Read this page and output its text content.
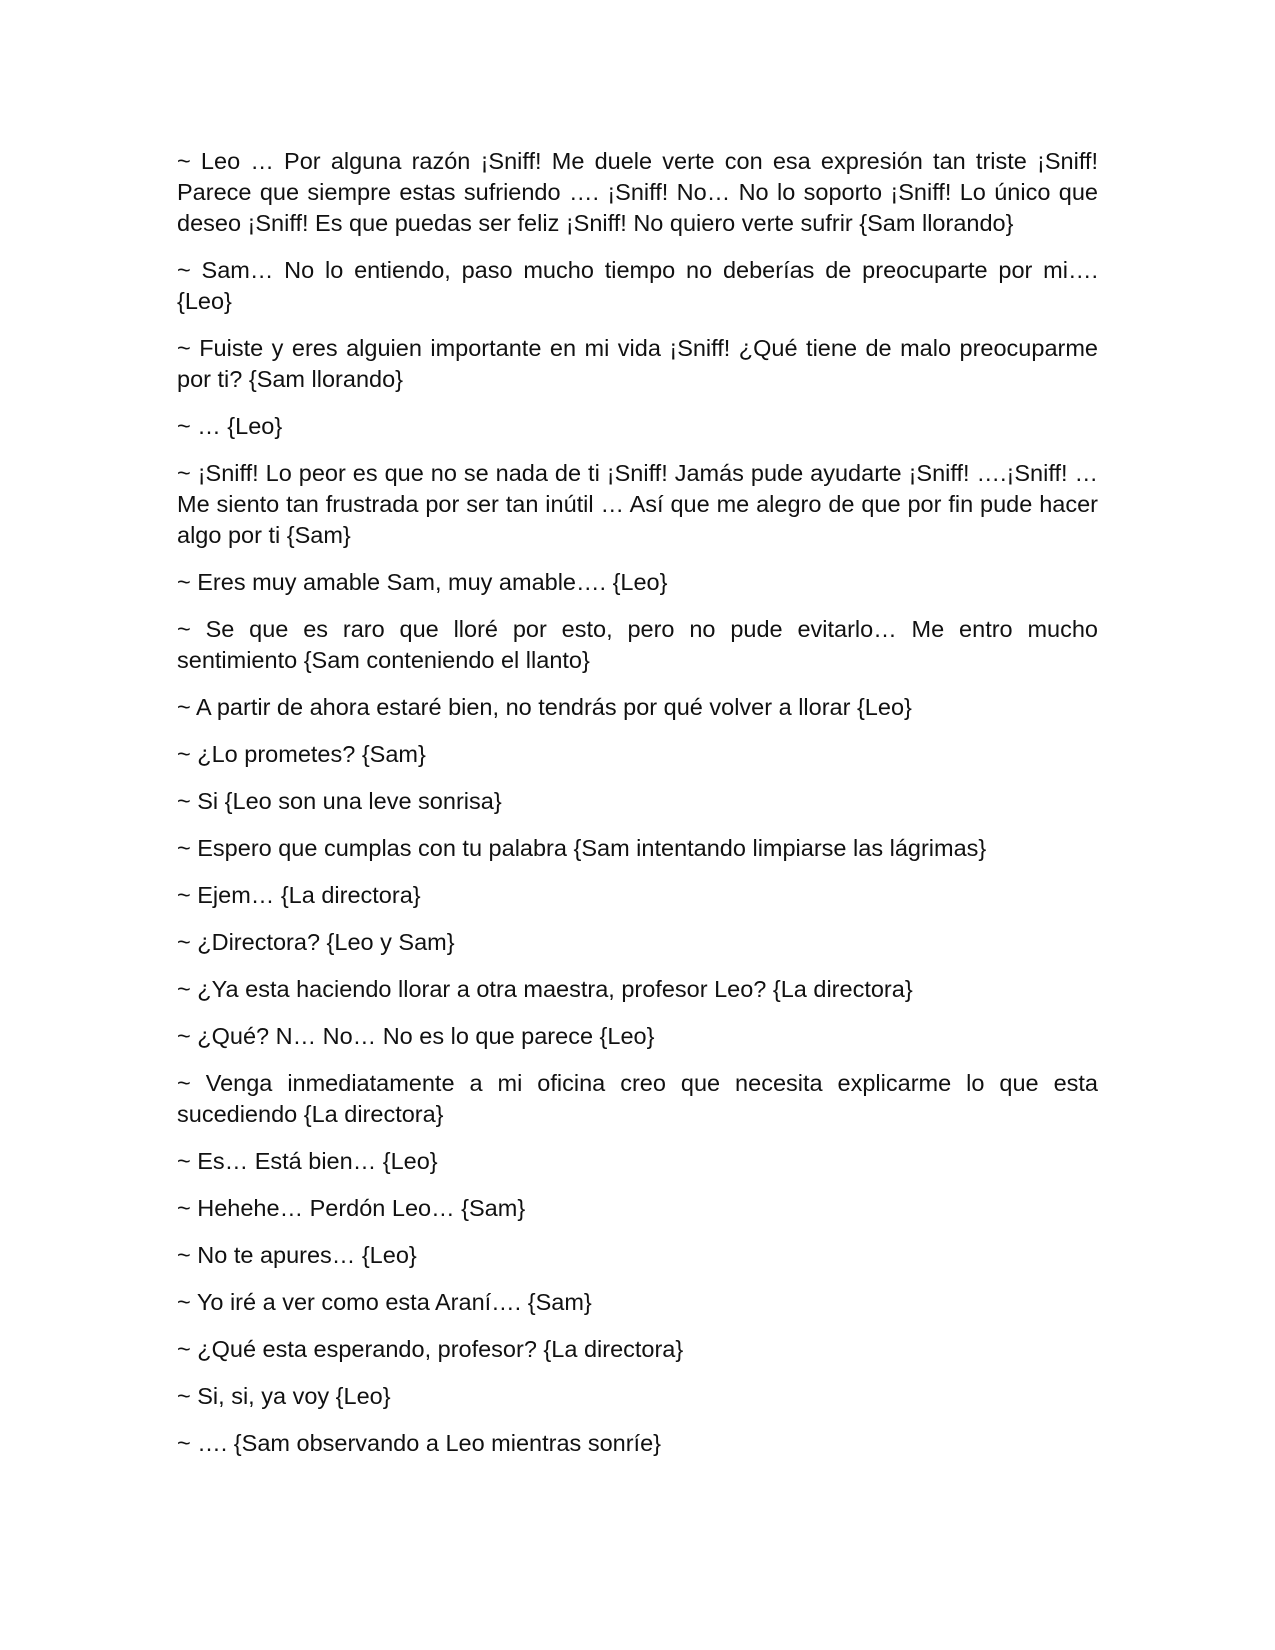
~ Leo … Por alguna razón ¡Sniff! Me duele verte con esa expresión tan triste ¡Sniff! Parece que siempre estas sufriendo …. ¡Sniff! No… No lo soporto ¡Sniff! Lo único que deseo ¡Sniff! Es que puedas ser feliz ¡Sniff! No quiero verte sufrir {Sam llorando}

~ Sam… No lo entiendo, paso mucho tiempo no deberías de preocuparte por mi…. {Leo}

~ Fuiste y eres alguien importante en mi vida ¡Sniff! ¿Qué tiene de malo preocuparme por ti? {Sam llorando}

~ … {Leo}

~ ¡Sniff! Lo peor es que no se nada de ti ¡Sniff! Jamás pude ayudarte ¡Sniff! ….¡Sniff! … Me siento tan frustrada por ser tan inútil … Así que me alegro de que por fin pude hacer algo por ti {Sam}

~ Eres muy amable Sam, muy amable…. {Leo}

~ Se que es raro que lloré por esto, pero no pude evitarlo… Me entro mucho sentimiento {Sam conteniendo el llanto}

~ A partir de ahora estaré bien, no tendrás por qué volver a llorar {Leo}

~ ¿Lo prometes? {Sam}

~ Si {Leo son una leve sonrisa}

~ Espero que cumplas con tu palabra {Sam intentando limpiarse las lágrimas}

~ Ejem… {La directora}

~ ¿Directora? {Leo y Sam}

~ ¿Ya esta haciendo llorar a otra maestra, profesor Leo? {La directora}

~ ¿Qué? N… No… No es lo que parece {Leo}

~ Venga inmediatamente a mi oficina creo que necesita explicarme lo que esta sucediendo {La directora}

~ Es… Está bien… {Leo}

~ Hehehe… Perdón Leo… {Sam}

~ No te apures… {Leo}

~ Yo iré a ver como esta Araní…. {Sam}

~ ¿Qué esta esperando, profesor? {La directora}

~ Si, si, ya voy {Leo}

~ …. {Sam observando a Leo mientras sonríe}
